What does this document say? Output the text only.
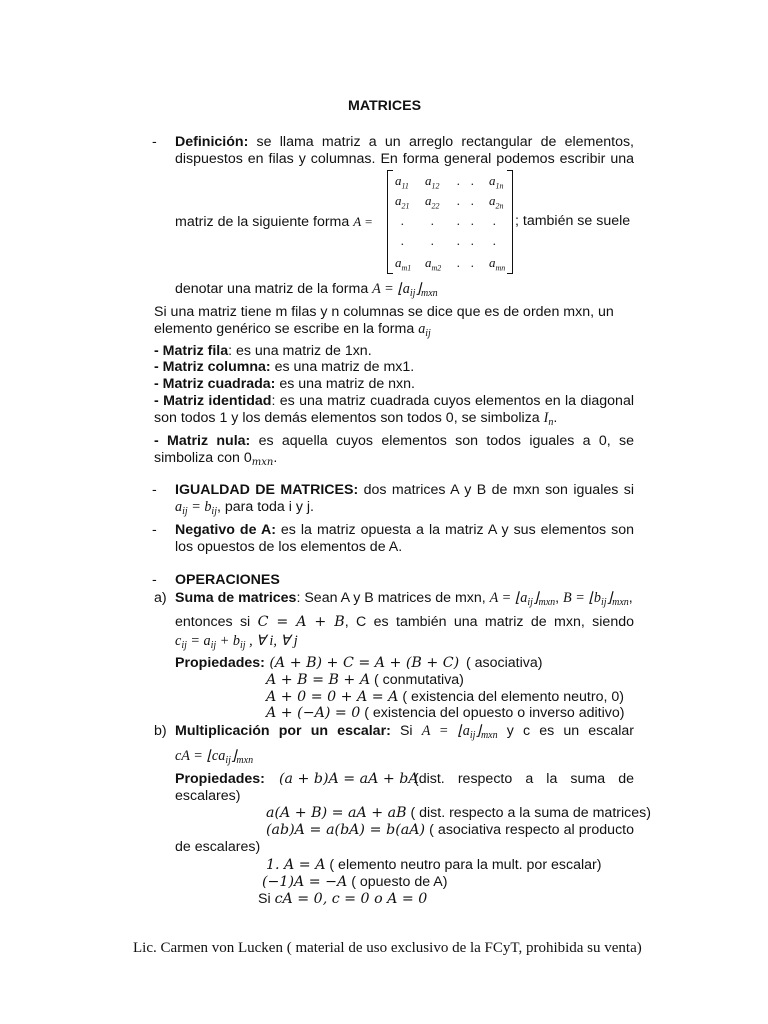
MATRICES
- Definición: se llama matriz a un arreglo rectangular de elementos,
dispuestos en filas y columnas. En forma general podemos escribir una
matriz de la siguiente forma A =
$a_{11}$ $a_{12}$ . . $a_{1n}$
$a_{21}$ $a_{22}$ . . $a_{2n}$
. . . . .
. . . . .
$a_{m1}$ $a_{m2}$ . . $a_{mn}$
; también se suele
denotar una matriz de la forma $A = ⌊a_{ij}⌋_{mxn}$
Si una matriz tiene m filas y n columnas se dice que es de orden mxn, un
elemento genérico se escribe en la forma $a_{ij}$
- Matriz fila: es una matriz de 1xn.
- Matriz columna: es una matriz de mx1.
- Matriz cuadrada: es una matriz de nxn.
- Matriz identidad: es una matriz cuadrada cuyos elementos en la diagonal
son todos 1 y los demás elementos son todos 0, se simboliza $I_n$.
- Matriz nula: es aquella cuyos elementos son todos iguales a 0, se
simboliza con $0_{mxn}$.
- IGUALDAD DE MATRICES: dos matrices A y B de mxn son iguales si
$a_{ij} = b_{ij}$, para toda i y j.
- Negativo de A: es la matriz opuesta a la matriz A y sus elementos son
los opuestos de los elementos de A.
- OPERACIONES
a) Suma de matrices: Sean A y B matrices de mxn, $A = ⌊a_{ij}⌋_{mxn}$, $B = ⌊b_{ij}⌋_{mxn}$,
entonces si C = A + B, C es también una matriz de mxn, siendo
$c_{ij} = a_{ij} + b_{ij}$ , ∀ i, ∀ j
Propiedades: (A + B) + C = A + (B + C) ( asociativa)
A + B = B + A ( conmutativa)
A + 0 = 0 + A = A ( existencia del elemento neutro, 0)
A + (−A) = 0 ( existencia del opuesto o inverso aditivo)
b) Multiplicación por un escalar: Si $A = ⌊a_{ij}⌋_{mxn}$ y c es un escalar
cA = $⌊ca_{ij}⌋_{mxn}$
Propiedades: (a + b)A = aA + bA
(dist. respecto a la suma de
escalares)
a(A + B) = aA + aB ( dist. respecto a la suma de matrices)
(ab)A = a(bA) = b(aA) ( asociativa respecto al producto
de escalares)
1. A = A ( elemento neutro para la mult. por escalar)
(−1)A = −A ( opuesto de A)
Si cA = 0, c = 0 o A = 0
Lic. Carmen von Lucken ( material de uso exclusivo de la FCyT, prohibida su venta)
